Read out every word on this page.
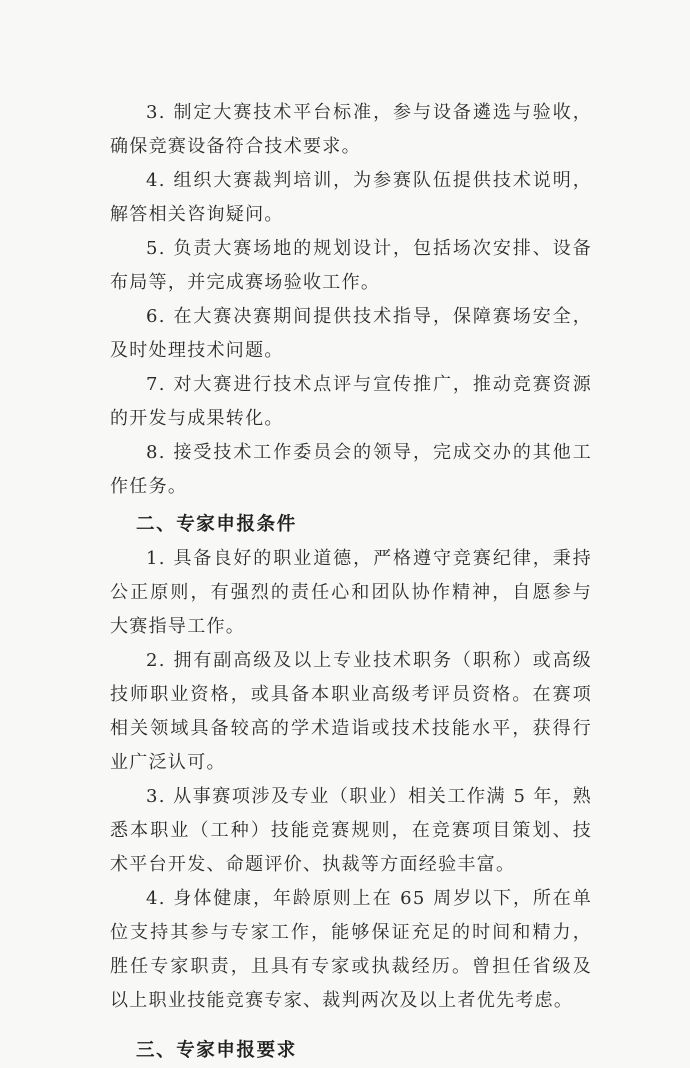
3. 制定大赛技术平台标准，参与设备遴选与验收，确保竞赛设备符合技术要求。

4. 组织大赛裁判培训，为参赛队伍提供技术说明，解答相关咨询疑问。

5. 负责大赛场地的规划设计，包括场次安排、设备布局等，并完成赛场验收工作。

6. 在大赛决赛期间提供技术指导，保障赛场安全，及时处理技术问题。

7. 对大赛进行技术点评与宣传推广，推动竞赛资源的开发与成果转化。

8. 接受技术工作委员会的领导，完成交办的其他工作任务。

二、专家申报条件

1. 具备良好的职业道德，严格遵守竞赛纪律，秉持公正原则，有强烈的责任心和团队协作精神，自愿参与大赛指导工作。

2. 拥有副高级及以上专业技术职务（职称）或高级技师职业资格，或具备本职业高级考评员资格。在赛项相关领域具备较高的学术造诣或技术技能水平，获得行业广泛认可。

3. 从事赛项涉及专业（职业）相关工作满 5 年，熟悉本职业（工种）技能竞赛规则，在竞赛项目策划、技术平台开发、命题评价、执裁等方面经验丰富。

4. 身体健康，年龄原则上在 65 周岁以下，所在单位支持其参与专家工作，能够保证充足的时间和精力，胜任专家职责，且具有专家或执裁经历。曾担任省级及以上职业技能竞赛专家、裁判两次及以上者优先考虑。

三、专家申报要求
